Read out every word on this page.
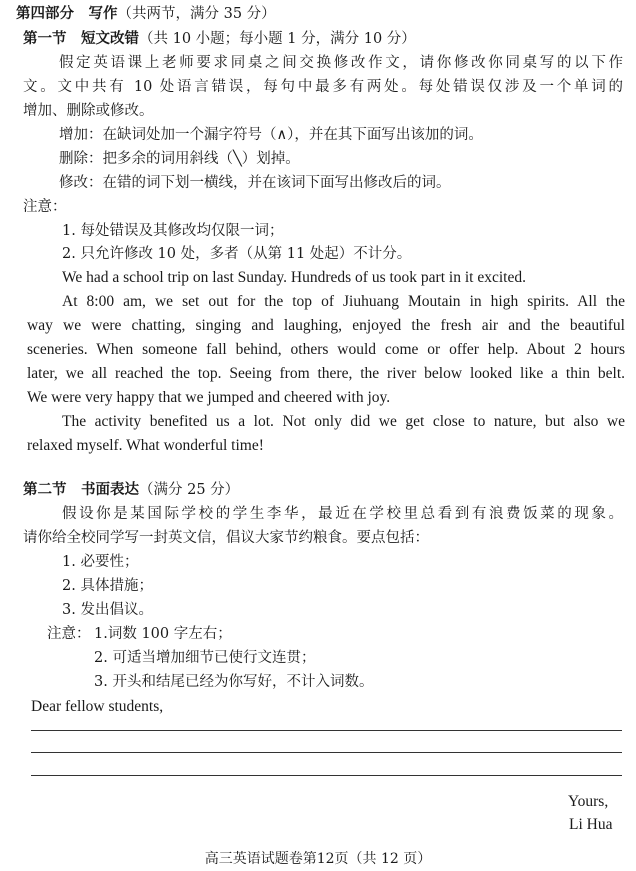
第四部分　写作（共两节，满分 35 分）
第一节　短文改错（共 10 小题；每小题 1 分，满分 10 分）
假定英语课上老师要求同桌之间交换修改作文，请你修改你同桌写的以下作
文。文中共有 10 处语言错误，每句中最多有两处。每处错误仅涉及一个单词的
增加、删除或修改。
增加：在缺词处加一个漏字符号（∧），并在其下面写出该加的词。
删除：把多余的词用斜线（╲）划掉。
修改：在错的词下划一横线，并在该词下面写出修改后的词。
注意：
1. 每处错误及其修改均仅限一词；
2. 只允许修改 10 处，多者（从第 11 处起）不计分。
We had a school trip on last Sunday. Hundreds of us took part in it excited.
At 8:00 am, we set out for the top of Jiuhuang Moutain in high spirits. All the
way we were chatting, singing and laughing, enjoyed the fresh air and the beautiful
sceneries. When someone fall behind, others would come or offer help. About 2 hours
later, we all reached the top. Seeing from there, the river below looked like a thin belt.
We were very happy that we jumped and cheered with joy.
The activity benefited us a lot. Not only did we get close to nature, but also we
relaxed myself. What wonderful time!
第二节　书面表达（满分 25 分）
假设你是某国际学校的学生李华，最近在学校里总看到有浪费饭菜的现象。
请你给全校同学写一封英文信，倡议大家节约粮食。要点包括：
1. 必要性；
2. 具体措施；
3. 发出倡议。
注意： 1.词数 100 字左右；
2. 可适当增加细节已使行文连贯；
3. 开头和结尾已经为你写好，不计入词数。
Dear fellow students,
Yours,
Li Hua
高三英语试题卷第12页（共 12 页）
